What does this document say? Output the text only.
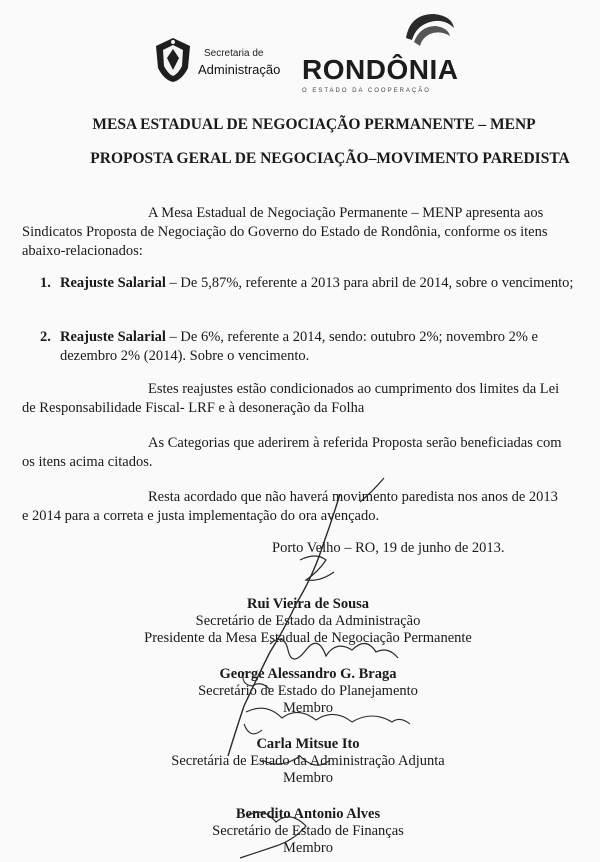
Secretaria de
Administração RONDÔNIA
O ESTADO DA COOPERAÇÃO
MESA ESTADUAL DE NEGOCIAÇÃO PERMANENTE – MENP
PROPOSTA GERAL DE NEGOCIAÇÃO–MOVIMENTO PAREDISTA
A Mesa Estadual de Negociação Permanente – MENP apresenta aos
Sindicatos Proposta de Negociação do Governo do Estado de Rondônia, conforme os itens abaixo-relacionados:
1. Reajuste Salarial – De 5,87%, referente a 2013 para abril de 2014, sobre o vencimento;
2. Reajuste Salarial – De 6%, referente a 2014, sendo: outubro 2%; novembro 2% e dezembro 2% (2014). Sobre o vencimento.
Estes reajustes estão condicionados ao cumprimento dos limites da Lei
de Responsabilidade Fiscal- LRF e à desoneração da Folha
As Categorias que aderirem à referida Proposta serão beneficiadas com
os itens acima citados.
Resta acordado que não haverá movimento paredista nos anos de 2013
e 2014 para a correta e justa implementação do ora avençado.
Porto Velho – RO, 19 de junho de 2013.
Rui Vieira de Sousa
Secretário de Estado da Administração
Presidente da Mesa Estadual de Negociação Permanente
George Alessandro G. Braga
Secretário de Estado do Planejamento
Membro
Carla Mitsue Ito
Secretária de Estado da Administração Adjunta
Membro
Benedito Antonio Alves
Secretário de Estado de Finanças
Membro
